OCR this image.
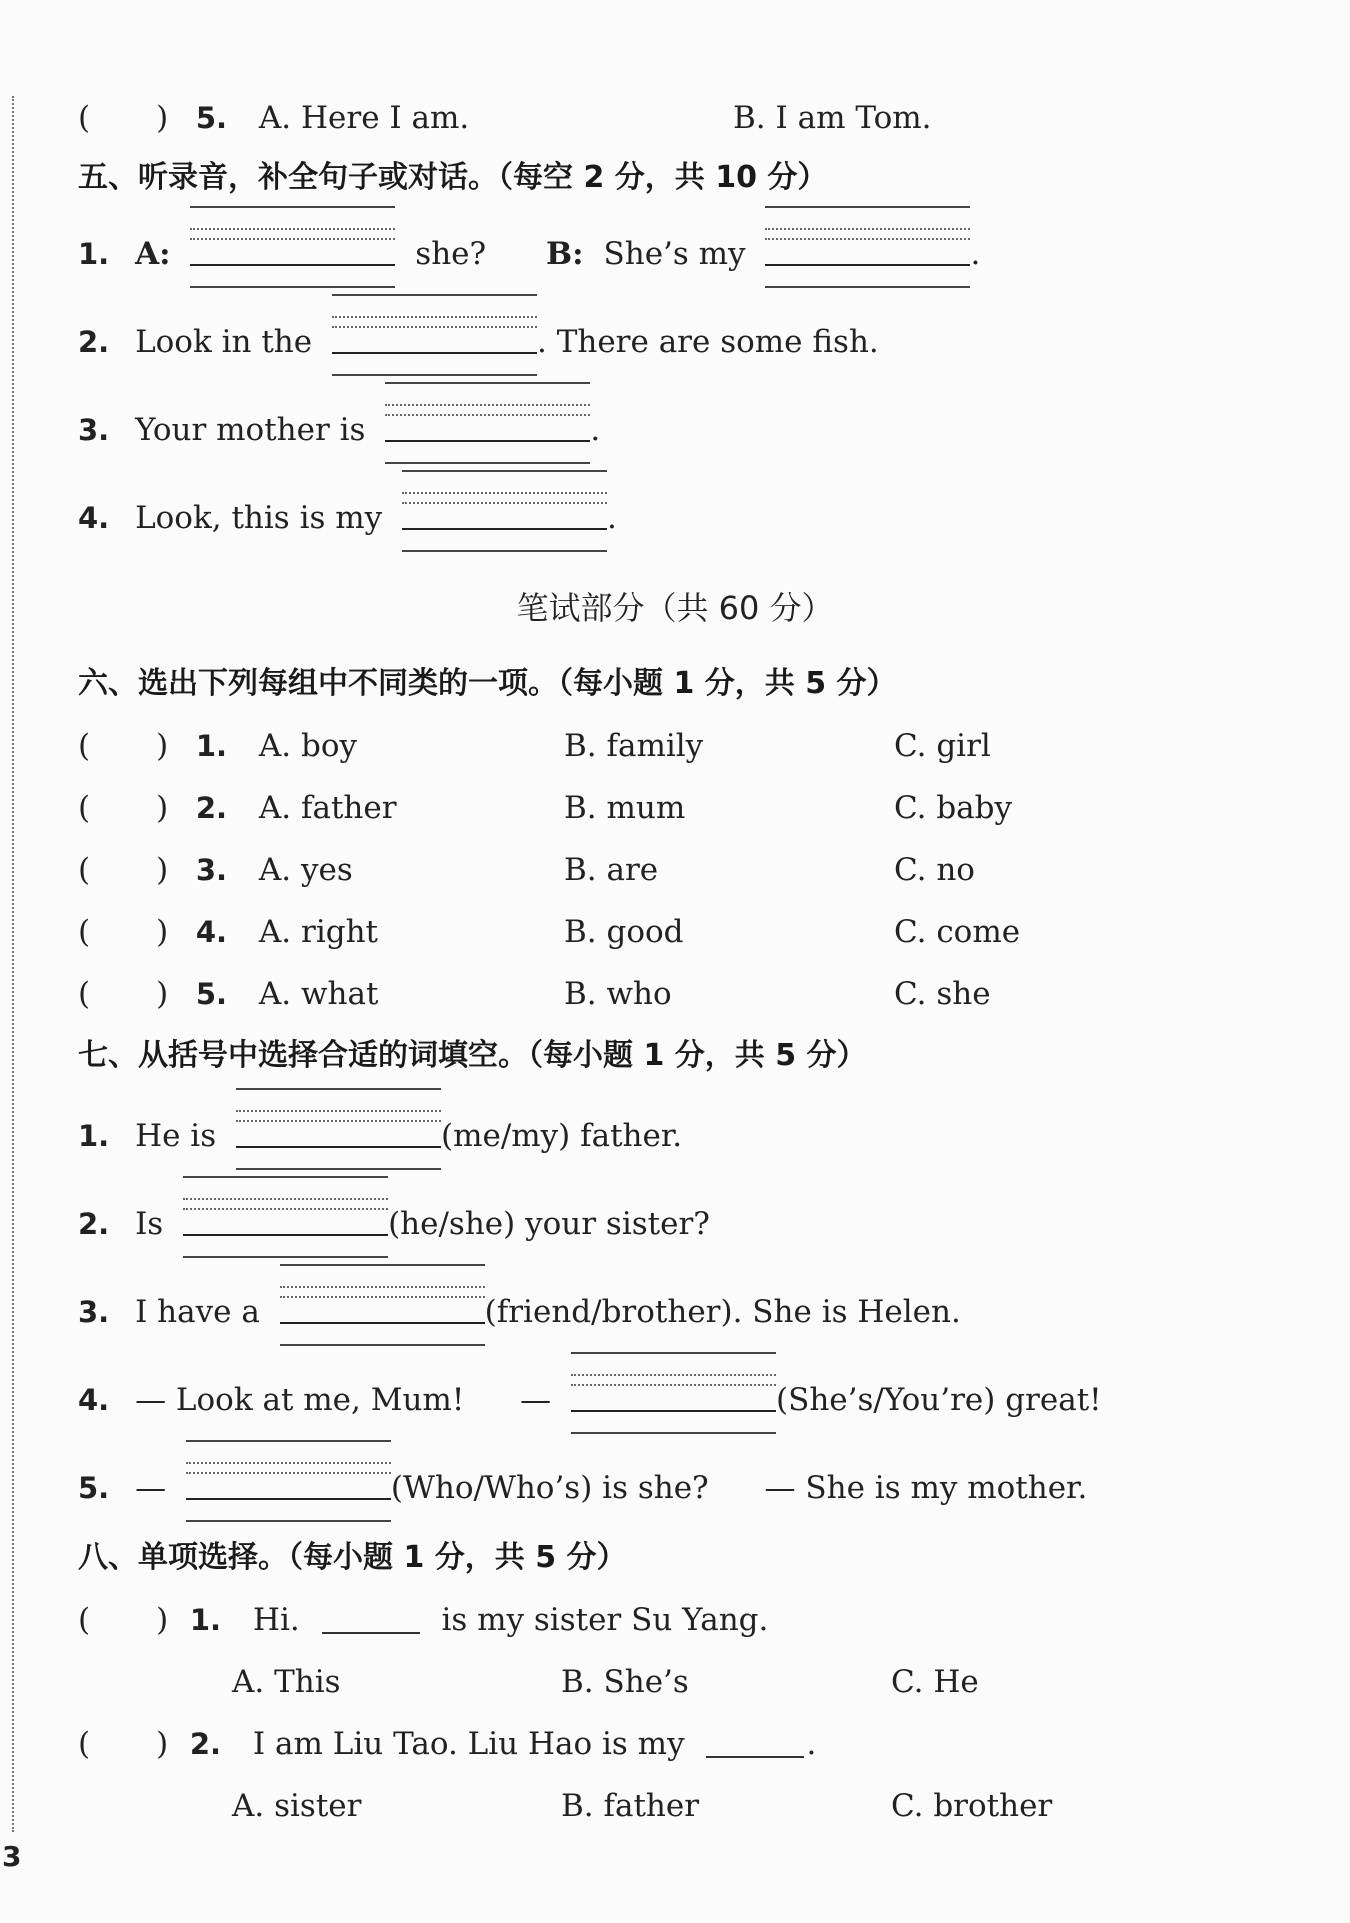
( ) 5. A. Here I am.	B. I am Tom.
五、听录音，补全句子或对话。（每空 2 分，共 10 分）
1. A:	she? B: She’s my	.
2. Look in the	. There are some fish.
3. Your mother is	.
4. Look, this is my	.
笔试部分（共 60 分）
六、选出下列每组中不同类的一项。（每小题 1 分，共 5 分）
( ) 1. A. boy	B. family	C. girl
( ) 2. A. father	B. mum	C. baby
( ) 3. A. yes	B. are	C. no
( ) 4. A. right	B. good	C. come
( ) 5. A. what	B. who	C. she
七、从括号中选择合适的词填空。（每小题 1 分，共 5 分）
1. He is	(me/my) father.
2. Is	(he/she) your sister?
3. I have a	(friend/brother). She is Helen.
4. — Look at me, Mum! —	(She’s/You’re) great!
5. —	(Who/Who’s) is she? — She is my mother.
八、单项选择。（每小题 1 分，共 5 分）
( ) 1. Hi.	is my sister Su Yang.
A. This	B. She’s	C. He
( ) 2. I am Liu Tao. Liu Hao is my	.
A. sister	B. father	C. brother
3
